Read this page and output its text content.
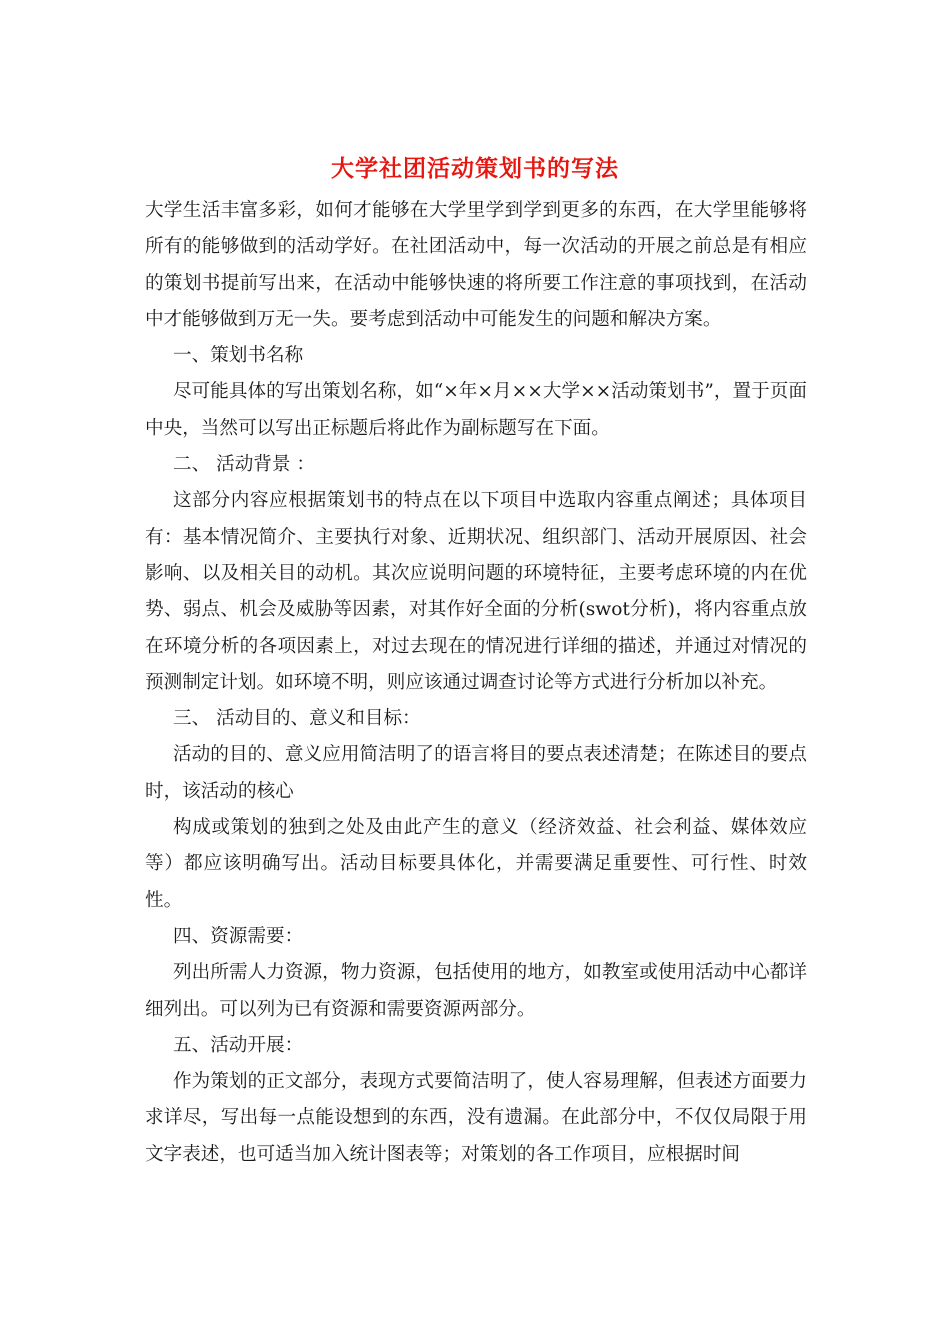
大学社团活动策划书的写法

大学生活丰富多彩，如何才能够在大学里学到学到更多的东西，在大学里能够将所有的能够做到的活动学好。在社团活动中，每一次活动的开展之前总是有相应的策划书提前写出来，在活动中能够快速的将所要工作注意的事项找到，在活动中才能够做到万无一失。要考虑到活动中可能发生的问题和解决方案。

一、策划书名称

尽可能具体的写出策划名称，如“×年×月××大学××活动策划书”，置于页面中央，当然可以写出正标题后将此作为副标题写在下面。

二、 活动背景 ：

这部分内容应根据策划书的特点在以下项目中选取内容重点阐述；具体项目有：基本情况简介、主要执行对象、近期状况、组织部门、活动开展原因、社会影响、以及相关目的动机。其次应说明问题的环境特征，主要考虑环境的内在优势、弱点、机会及威胁等因素，对其作好全面的分析(swot分析)，将内容重点放在环境分析的各项因素上，对过去现在的情况进行详细的描述，并通过对情况的预测制定计划。如环境不明，则应该通过调查讨论等方式进行分析加以补充。

三、 活动目的、意义和目标：

活动的目的、意义应用简洁明了的语言将目的要点表述清楚；在陈述目的要点时，该活动的核心

构成或策划的独到之处及由此产生的意义（经济效益、社会利益、媒体效应等）都应该明确写出。活动目标要具体化，并需要满足重要性、可行性、时效性。

四、资源需要：

列出所需人力资源，物力资源，包括使用的地方，如教室或使用活动中心都详细列出。可以列为已有资源和需要资源两部分。

五、活动开展：

作为策划的正文部分，表现方式要简洁明了，使人容易理解，但表述方面要力求详尽，写出每一点能设想到的东西，没有遗漏。在此部分中，不仅仅局限于用文字表述，也可适当加入统计图表等；对策划的各工作项目，应根据时间
